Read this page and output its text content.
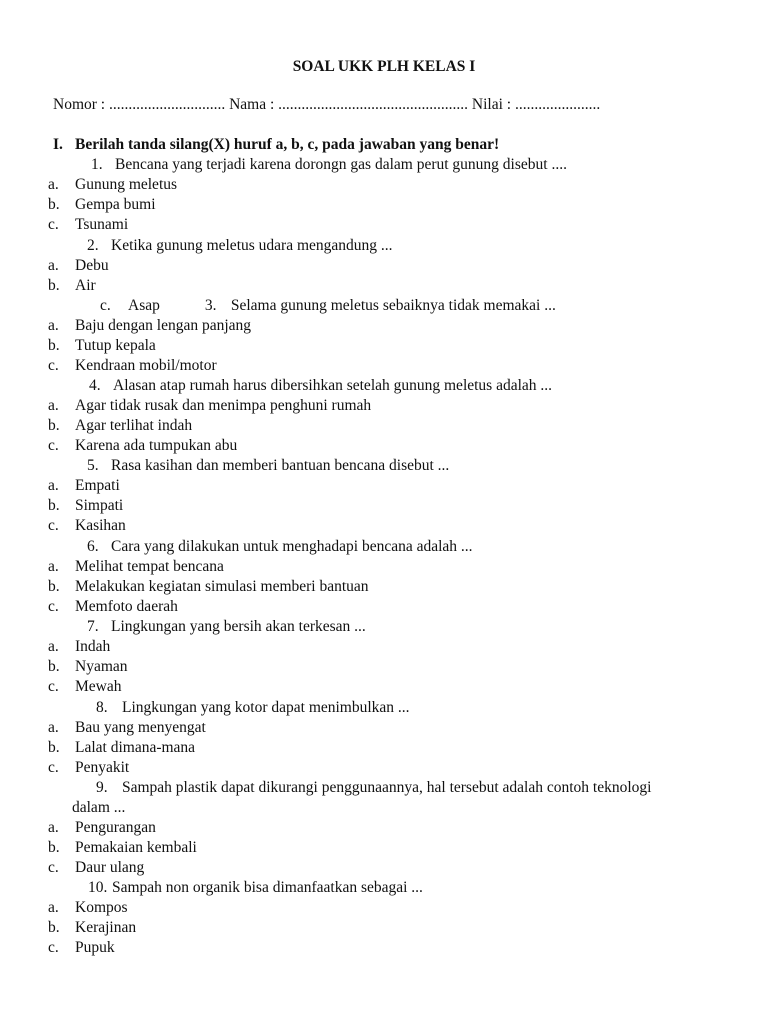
SOAL UKK PLH KELAS I
Nomor : .............................. Nama : ................................................. Nilai : ......................
I. Berilah tanda silang(X) huruf a, b, c, pada jawaban yang benar!
1. Bencana yang terjadi karena dorongn gas dalam perut gunung disebut ....
a. Gunung meletus
b. Gempa bumi
c. Tsunami
2. Ketika gunung meletus udara mengandung ...
a. Debu
b. Air
c. Asap	3. Selama gunung meletus sebaiknya tidak memakai ...
a. Baju dengan lengan panjang
b. Tutup kepala
c. Kendraan mobil/motor
4. Alasan atap rumah harus dibersihkan setelah gunung meletus adalah ...
a. Agar tidak rusak dan menimpa penghuni rumah
b. Agar terlihat indah
c. Karena ada tumpukan abu
5. Rasa kasihan dan memberi bantuan bencana disebut ...
a. Empati
b. Simpati
c. Kasihan
6. Cara yang dilakukan untuk menghadapi bencana adalah ...
a. Melihat tempat bencana
b. Melakukan kegiatan simulasi memberi bantuan
c. Memfoto daerah
7. Lingkungan yang bersih akan terkesan ...
a. Indah
b. Nyaman
c. Mewah
8. Lingkungan yang kotor dapat menimbulkan ...
a. Bau yang menyengat
b. Lalat dimana-mana
c. Penyakit
9. Sampah plastik dapat dikurangi penggunaannya, hal tersebut adalah contoh teknologi
dalam ...
a. Pengurangan
b. Pemakaian kembali
c. Daur ulang
10. Sampah non organik bisa dimanfaatkan sebagai ...
a. Kompos
b. Kerajinan
c. Pupuk
